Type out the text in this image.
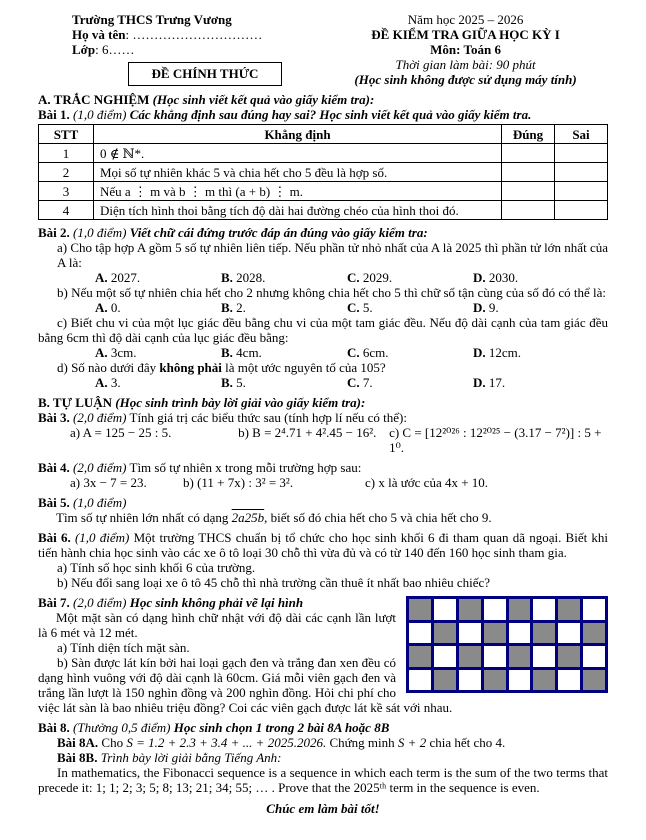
Trường THCS Trưng Vương

Họ và tên: …………………………

Lớp: 6……

ĐỀ CHÍNH THỨC

Năm học 2025 – 2026

ĐỀ KIỂM TRA GIỮA HỌC KỲ I

Môn: Toán 6

Thời gian làm bài: 90 phút

(Học sinh không được sử dụng máy tính)

A. TRẮC NGHIỆM (Học sinh viết kết quả vào giấy kiểm tra):

Bài 1. (1,0 điểm) Các khẳng định sau đúng hay sai? Học sinh viết kết quả vào giấy kiểm tra.

STT	Khẳng định	Đúng	Sai
1	0 ∉ ℕ*.		
2	Mọi số tự nhiên khác 5 và chia hết cho 5 đều là hợp số.		
3	Nếu a ⋮ m và b ⋮ m thì (a + b) ⋮ m.		
4	Diện tích hình thoi bằng tích độ dài hai đường chéo của hình thoi đó.		

Bài 2. (1,0 điểm) Viết chữ cái đứng trước đáp án đúng vào giấy kiểm tra:

a) Cho tập hợp A gồm 5 số tự nhiên liên tiếp. Nếu phần tử nhỏ nhất của A là 2025 thì phần tử lớn nhất của A là:

A. 2027.	B. 2028.	C. 2029.	D. 2030.

b) Nếu một số tự nhiên chia hết cho 2 nhưng không chia hết cho 5 thì chữ số tận cùng của số đó có thể là:

A. 0.	B. 2.	C. 5.	D. 9.

c) Biết chu vi của một lục giác đều bằng chu vi của một tam giác đều. Nếu độ dài cạnh của tam giác đều bằng 6cm thì độ dài cạnh của lục giác đều bằng:

A. 3cm.	B. 4cm.	C. 6cm.	D. 12cm.

d) Số nào dưới đây không phải là một ước nguyên tố của 105?

A. 3.	B. 5.	C. 7.	D. 17.

B. TỰ LUẬN (Học sinh trình bày lời giải vào giấy kiểm tra):

Bài 3. (2,0 điểm) Tính giá trị các biểu thức sau (tính hợp lí nếu có thể):

a) A = 125 − 25 : 5.	b) B = 2⁴.71 + 4².45 − 16². c) C = [12²⁰²⁶ : 12²⁰²⁵ − (3.17 − 7²)] : 5 + 1⁰.

Bài 4. (2,0 điểm) Tìm số tự nhiên x trong mỗi trường hợp sau:

a) 3x − 7 = 23.	b) (11 + 7x) : 3² = 3².	c) x là ước của 4x + 10.

Bài 5. (1,0 điểm)

Tìm số tự nhiên lớn nhất có dạng 2a25b, biết số đó chia hết cho 5 và chia hết cho 9.

Bài 6. (1,0 điểm) Một trường THCS chuẩn bị tổ chức cho học sinh khối 6 đi tham quan dã ngoại. Biết khi tiến hành chia học sinh vào các xe ô tô loại 30 chỗ thì vừa đủ và có từ 140 đến 160 học sinh tham gia.

a) Tính số học sinh khối 6 của trường.

b) Nếu đổi sang loại xe ô tô 45 chỗ thì nhà trường cần thuê ít nhất bao nhiêu chiếc?

Bài 7. (2,0 điểm) Học sinh không phải vẽ lại hình

Một mặt sàn có dạng hình chữ nhật với độ dài các cạnh lần lượt là 6 mét và 12 mét.

a) Tính diện tích mặt sàn.

b) Sàn được lát kín bởi hai loại gạch đen và trắng đan xen đều có dạng hình vuông với độ dài cạnh là 60cm. Giá mỗi viên gạch đen và trắng lần lượt là 150 nghìn đồng và 200 nghìn đồng. Hỏi chi phí cho việc lát sàn là bao nhiêu triệu đồng? Coi các viên gạch được lát kề sát với nhau.

Bài 8. (Thưởng 0,5 điểm) Học sinh chọn 1 trong 2 bài 8A hoặc 8B

Bài 8A. Cho S = 1.2 + 2.3 + 3.4 + ... + 2025.2026. Chứng minh S + 2 chia hết cho 4.

Bài 8B. Trình bày lời giải bằng Tiếng Anh:

In mathematics, the Fibonacci sequence is a sequence in which each term is the sum of the two terms that precede it: 1; 1; 2; 3; 5; 8; 13; 21; 34; 55; … . Prove that the 2025ᵗʰ term in the sequence is even.

Chúc em làm bài tốt!
